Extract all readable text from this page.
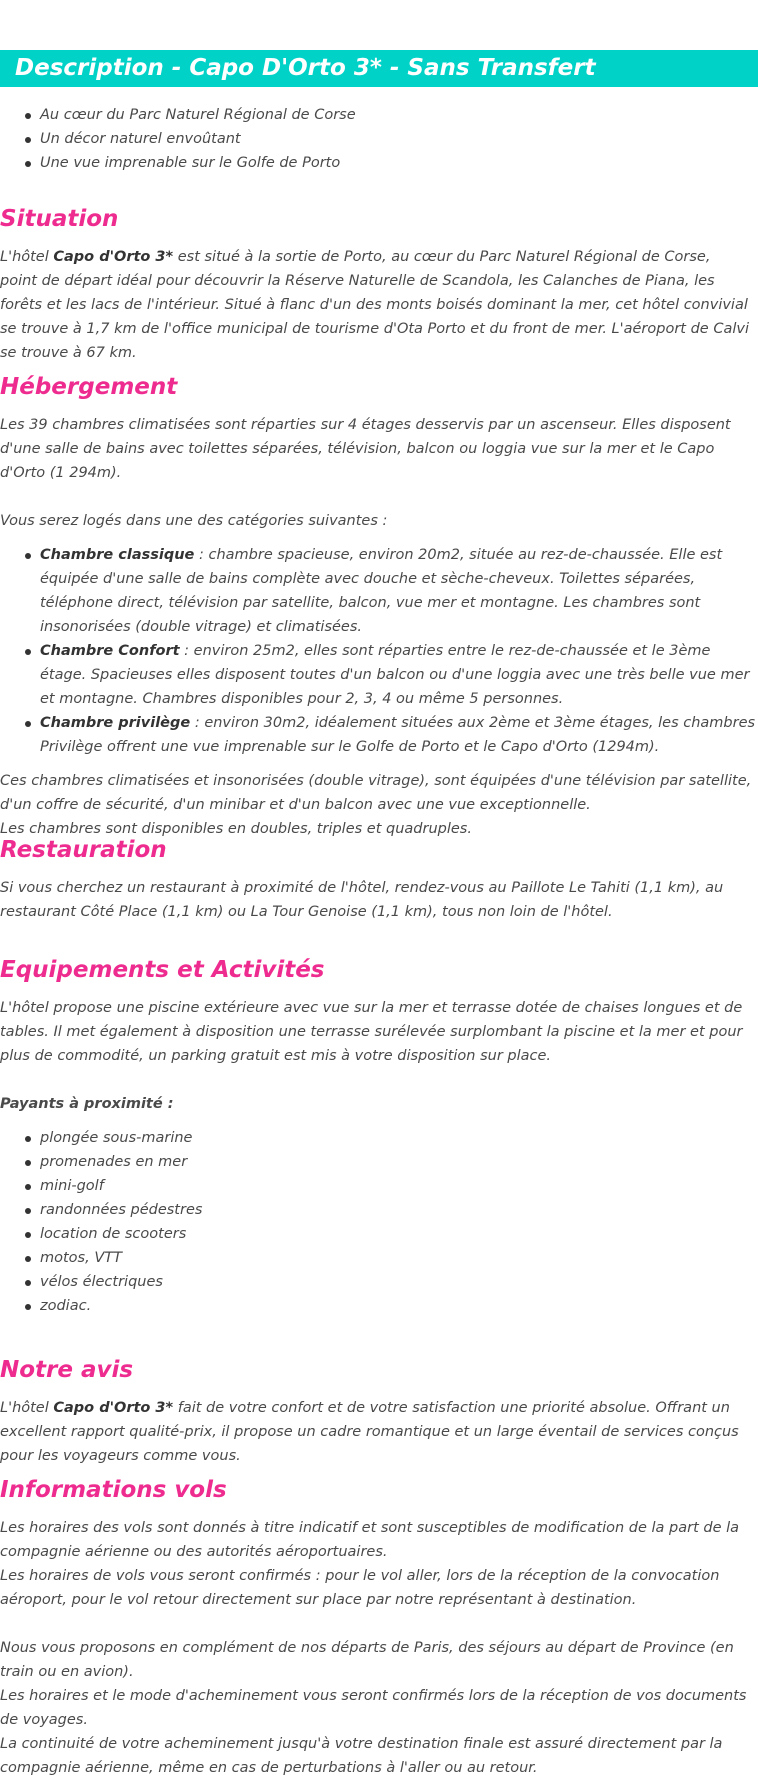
Description - Capo D'Orto 3* - Sans Transfert
Au cœur du Parc Naturel Régional de Corse
Un décor naturel envoûtant
Une vue imprenable sur le Golfe de Porto
Situation

L'hôtel Capo d'Orto 3* est situé à la sortie de Porto, au cœur du Parc Naturel Régional de Corse,
point de départ idéal pour découvrir la Réserve Naturelle de Scandola, les Calanches de Piana, les forêts et les lacs de l'intérieur. Situé à flanc d'un des monts boisés dominant la mer, cet hôtel convivial se trouve à 1,7 km de l'office municipal de tourisme d'Ota Porto et du front de mer. L'aéroport de Calvi se trouve à 67 km.

Hébergement

Les 39 chambres climatisées sont réparties sur 4 étages desservis par un ascenseur. Elles disposent d'une salle de bains avec toilettes séparées, télévision, balcon ou loggia vue sur la mer et le Capo d'Orto (1 294m).

Vous serez logés dans une des catégories suivantes :

Chambre classique : chambre spacieuse, environ 20m2, située au rez-de-chaussée. Elle est équipée d'une salle de bains complète avec douche et sèche-cheveux. Toilettes séparées, téléphone direct, télévision par satellite, balcon, vue mer et montagne. Les chambres sont insonorisées (double vitrage) et climatisées.
Chambre Confort : environ 25m2, elles sont réparties entre le rez-de-chaussée et le 3ème étage. Spacieuses elles disposent toutes d'un balcon ou d'une loggia avec une très belle vue mer et montagne. Chambres disponibles pour 2, 3, 4 ou même 5 personnes.
Chambre privilège : environ 30m2, idéalement situées aux 2ème et 3ème étages, les chambres Privilège offrent une vue imprenable sur le Golfe de Porto et le Capo d'Orto (1294m).

Ces chambres climatisées et insonorisées (double vitrage), sont équipées d'une télévision par satellite, d'un coffre de sécurité, d'un minibar et d'un balcon avec une vue exceptionnelle.
Les chambres sont disponibles en doubles, triples et quadruples.

Restauration

Si vous cherchez un restaurant à proximité de l'hôtel, rendez-vous au Paillote Le Tahiti (1,1 km), au restaurant Côté Place (1,1 km) ou La Tour Genoise (1,1 km), tous non loin de l'hôtel.

Equipements et Activités

L'hôtel propose une piscine extérieure avec vue sur la mer et terrasse dotée de chaises longues et de tables. Il met également à disposition une terrasse surélevée surplombant la piscine et la mer et pour plus de commodité, un parking gratuit est mis à votre disposition sur place.

Payants à proximité :

plongée sous-marine
promenades en mer
mini-golf
randonnées pédestres
location de scooters
motos, VTT
vélos électriques
zodiac.
Notre avis

L'hôtel Capo d'Orto 3* fait de votre confort et de votre satisfaction une priorité absolue. Offrant un excellent rapport qualité-prix, il propose un cadre romantique et un large éventail de services conçus pour les voyageurs comme vous.

Informations vols

Les horaires des vols sont donnés à titre indicatif et sont susceptibles de modification de la part de la compagnie aérienne ou des autorités aéroportuaires.
Les horaires de vols vous seront confirmés : pour le vol aller, lors de la réception de la convocation aéroport, pour le vol retour directement sur place par notre représentant à destination.

Nous vous proposons en complément de nos départs de Paris, des séjours au départ de Province (en train ou en avion).
Les horaires et le mode d'acheminement vous seront confirmés lors de la réception de vos documents de voyages.
La continuité de votre acheminement jusqu'à votre destination finale est assuré directement par la compagnie aérienne, même en cas de perturbations à l'aller ou au retour.
